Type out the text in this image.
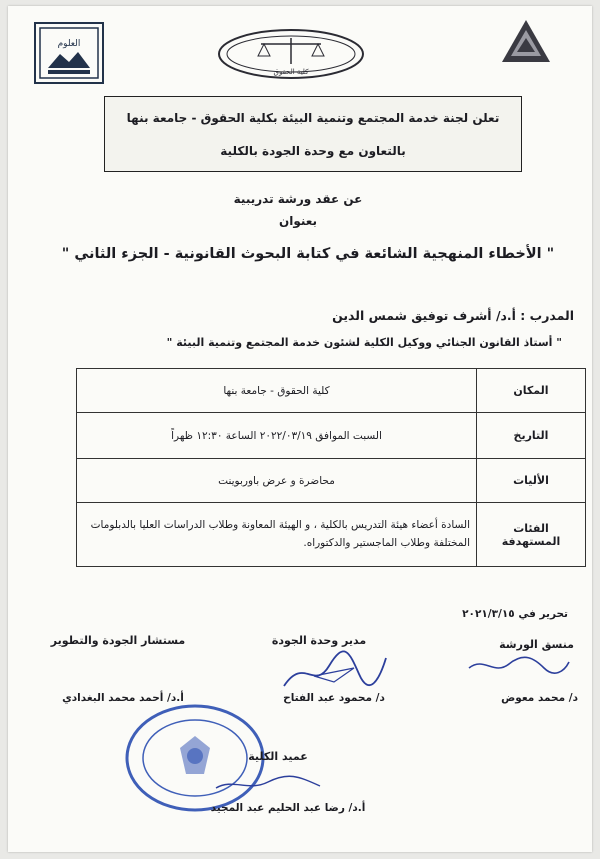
العلوم
كلية الحقوق

تعلن لجنة خدمة المجتمع وتنمية البيئة بكلية الحقوق - جامعة بنها

بالتعاون مع وحدة الجودة بالكلية

عن عقد ورشة تدريبية
بعنوان
" الأخطاء المنهجية الشائعة في كتابة البحوث القانونية - الجزء الثاني "
المدرب : أ.د/ أشرف توفيق شمس الدين
" أستاذ القانون الجنائي ووكيل الكلية لشئون خدمة المجتمع وتنمية البيئة "
المكان	كلية الحقوق - جامعة بنها
التاريخ	السبت الموافق ٢٠٢٢/٠٣/١٩ الساعة ١٢:٣٠ ظهراً
الأليات	محاضرة و عرض باوربوينت
الفئات المستهدفة	السادة أعضاء هيئة التدريس بالكلية ، و الهيئة المعاونة وطلاب الدراسات العليا بالدبلومات المختلفة وطلاب الماجستير والدكتوراه.
تحرير في ٢٠٢١/٣/١٥
منسق الورشة
مدير وحدة الجودة
مستشار الجودة والتطوير
د/ محمد معوض
د/ محمود عبد الفتاح
أ.د/ أحمد محمد البغدادي
عميد الكلية
أ.د/ رضا عبد الحليم عبد المجيد
